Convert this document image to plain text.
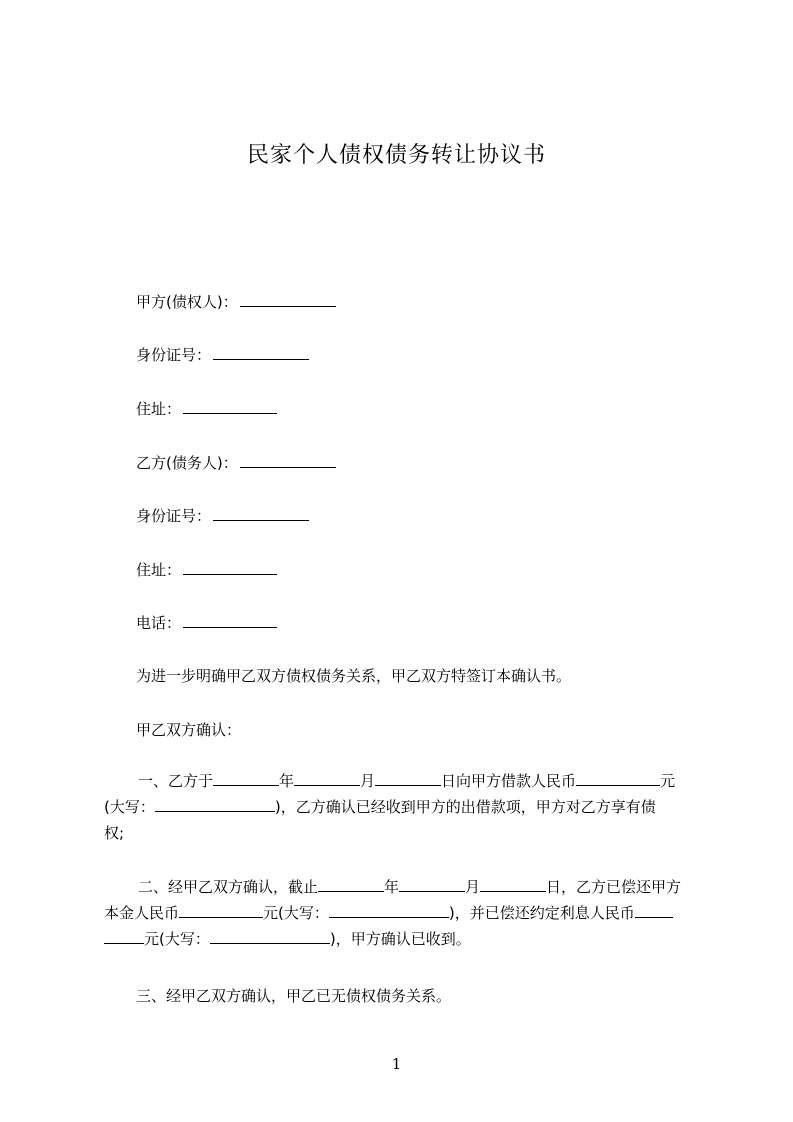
民家个人债权债务转让协议书
甲方(债权人)：
身份证号：
住址：
乙方(债务人)：
身份证号：
住址：
电话：
为进一步明确甲乙双方债权债务关系，甲乙双方特签订本确认书。
甲乙双方确认：
一、乙方于	年	月	日向甲方借款人民币	元
(大写：	)，乙方确认已经收到甲方的出借款项，甲方对乙方享有债
权;
二、经甲乙双方确认，截止	年	月	日，乙方已偿还甲方
本金人民币	元(大写：	)，并已偿还约定利息人民币
元(大写：	)，甲方确认已收到。
三、经甲乙双方确认，甲乙已无债权债务关系。
1
